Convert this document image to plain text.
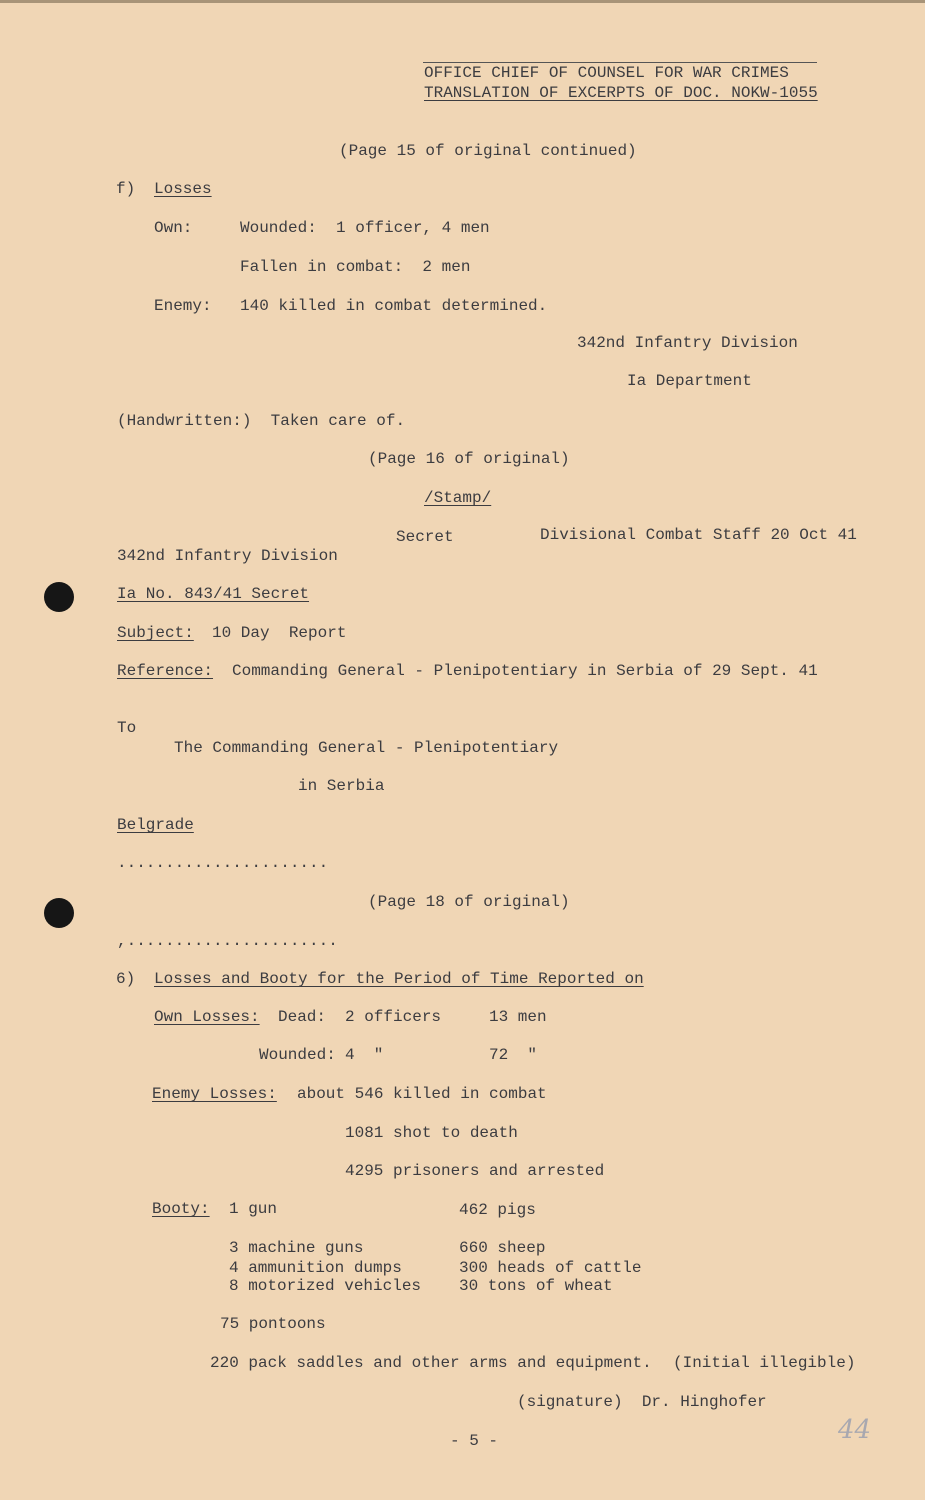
OFFICE CHIEF OF COUNSEL FOR WAR CRIMES
TRANSLATION OF EXCERPTS OF DOC. NOKW-1055
(Page 15 of original continued)
f) Losses
Own:	Wounded:  1 officer, 4 men
Fallen in combat:  2 men
Enemy: 140 killed in combat determined.
342nd Infantry Division
Ia Department
(Handwritten:)  Taken care of.
(Page 16 of original)
/Stamp/
Secret	Divisional Combat Staff 20 Oct 41
342nd Infantry Division
Ia No. 843/41 Secret
Subject: 10 Day  Report
Reference: Commanding General - Plenipotentiary in Serbia of 29 Sept. 41
To
The Commanding General - Plenipotentiary
in Serbia
Belgrade
......................
(Page 18 of original)
,......................
6) Losses and Booty for the Period of Time Reported on
Own Losses: Dead: 2 officers	13 men
Wounded: 4  "	72  "
Enemy Losses: about 546 killed in combat
1081 shot to death
4295 prisoners and arrested
Booty: 1 gun	462 pigs
3 machine guns	660 sheep
4 ammunition dumps	300 heads of cattle
8 motorized vehicles 30 tons of wheat
75 pontoons
220 pack saddles and other arms and equipment. (Initial illegible)
(signature)  Dr. Hinghofer
- 5 -	44
